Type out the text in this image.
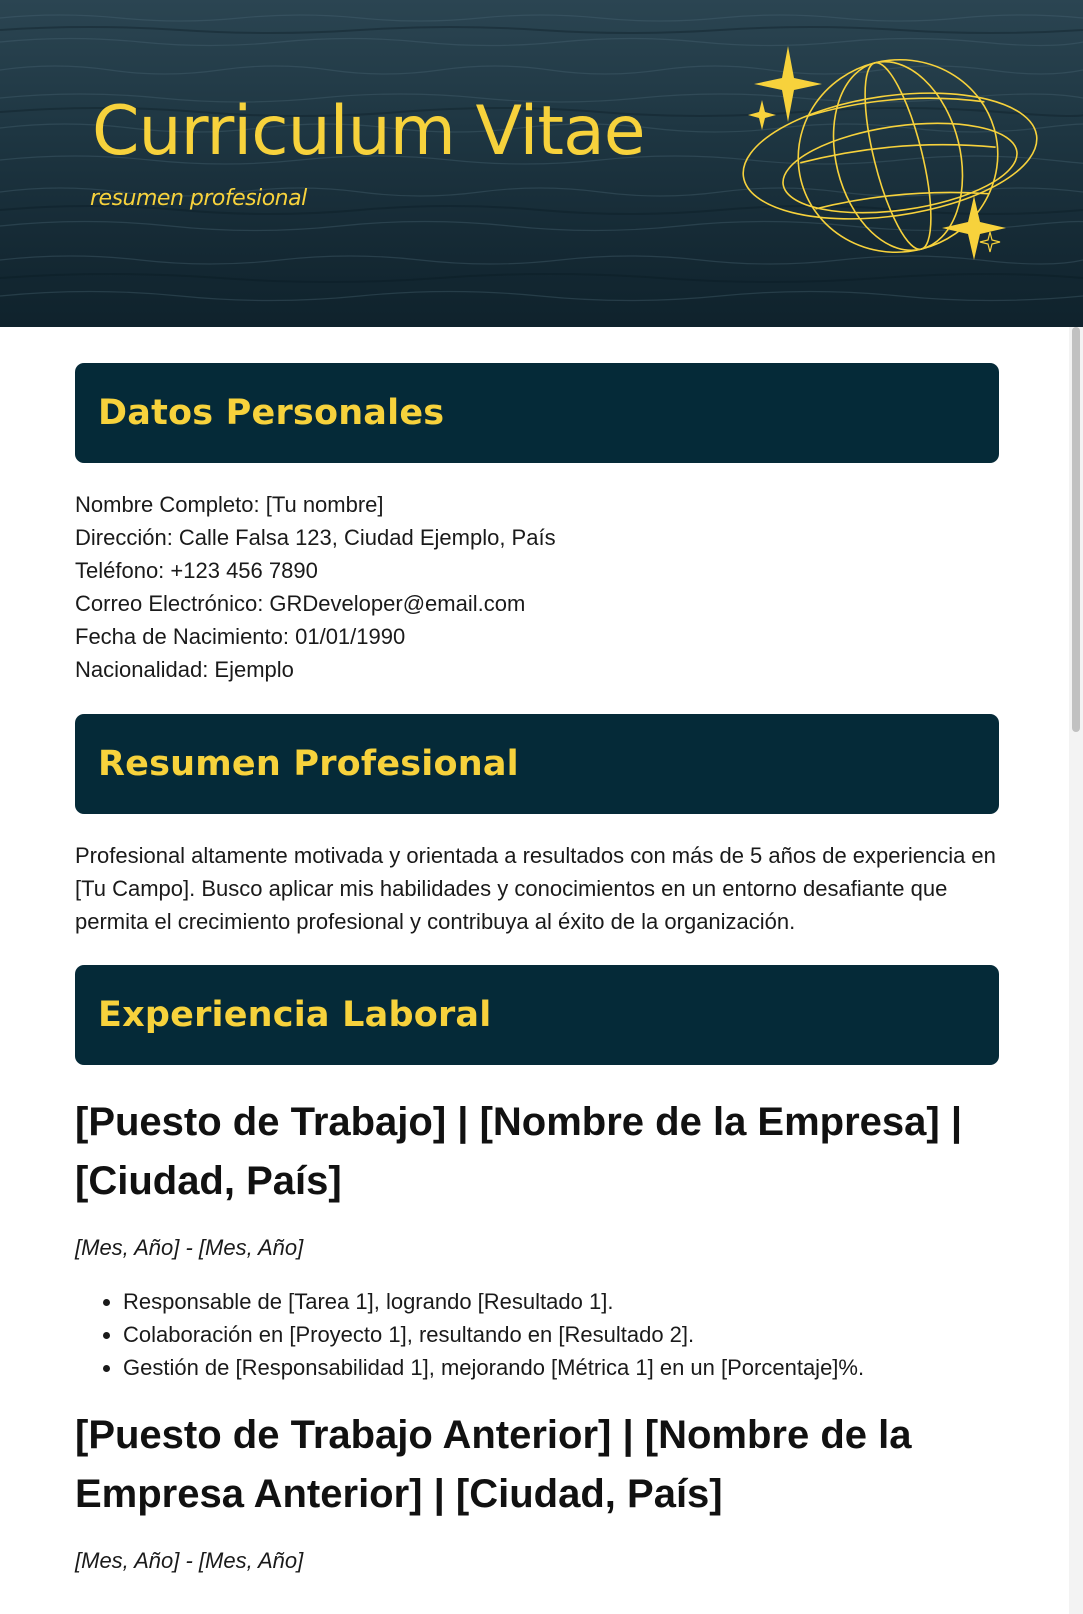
Curriculum Vitae

resumen profesional

Datos Personales
Nombre Completo: [Tu nombre]
Dirección: Calle Falsa 123, Ciudad Ejemplo, País
Teléfono: +123 456 7890
Correo Electrónico: GRDeveloper@email.com
Fecha de Nacimiento: 01/01/1990
Nacionalidad: Ejemplo
Resumen Profesional

Profesional altamente motivada y orientada a resultados con más de 5 años de experiencia en [Tu Campo]. Busco aplicar mis habilidades y conocimientos en un entorno desafiante que permita el crecimiento profesional y contribuya al éxito de la organización.

Experiencia Laboral
[Puesto de Trabajo] | [Nombre de la Empresa] | [Ciudad, País]

[Mes, Año] - [Mes, Año]

• Responsable de [Tarea 1], logrando [Resultado 1].
• Colaboración en [Proyecto 1], resultando en [Resultado 2].
• Gestión de [Responsabilidad 1], mejorando [Métrica 1] en un [Porcentaje]%.
[Puesto de Trabajo Anterior] | [Nombre de la Empresa Anterior] | [Ciudad, País]

[Mes, Año] - [Mes, Año]
